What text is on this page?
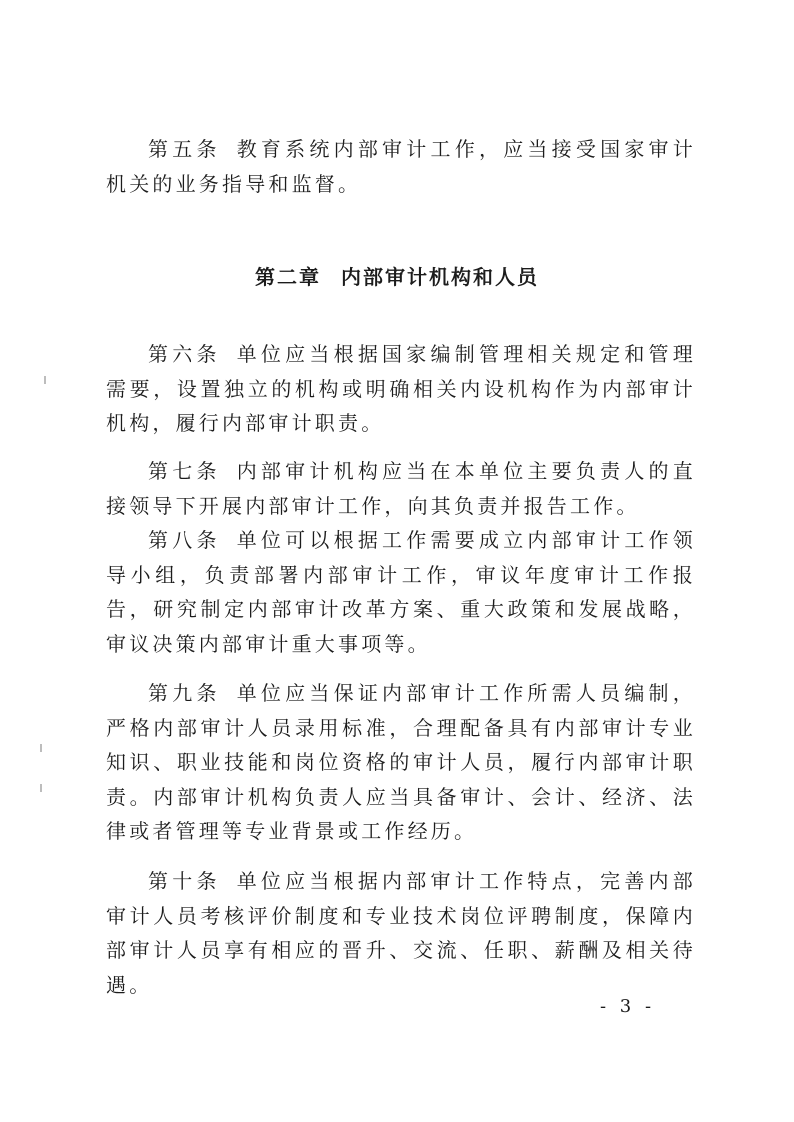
第五条 教育系统内部审计工作，应当接受国家审计机关的业务指导和监督。

第二章 内部审计机构和人员

第六条 单位应当根据国家编制管理相关规定和管理需要，设置独立的机构或明确相关内设机构作为内部审计机构，履行内部审计职责。

第七条 内部审计机构应当在本单位主要负责人的直接领导下开展内部审计工作，向其负责并报告工作。

第八条 单位可以根据工作需要成立内部审计工作领导小组，负责部署内部审计工作，审议年度审计工作报告，研究制定内部审计改革方案、重大政策和发展战略，审议决策内部审计重大事项等。

第九条 单位应当保证内部审计工作所需人员编制，严格内部审计人员录用标准，合理配备具有内部审计专业知识、职业技能和岗位资格的审计人员，履行内部审计职责。内部审计机构负责人应当具备审计、会计、经济、法律或者管理等专业背景或工作经历。

第十条 单位应当根据内部审计工作特点，完善内部审计人员考核评价制度和专业技术岗位评聘制度，保障内部审计人员享有相应的晋升、交流、任职、薪酬及相关待遇。

- 3 -
